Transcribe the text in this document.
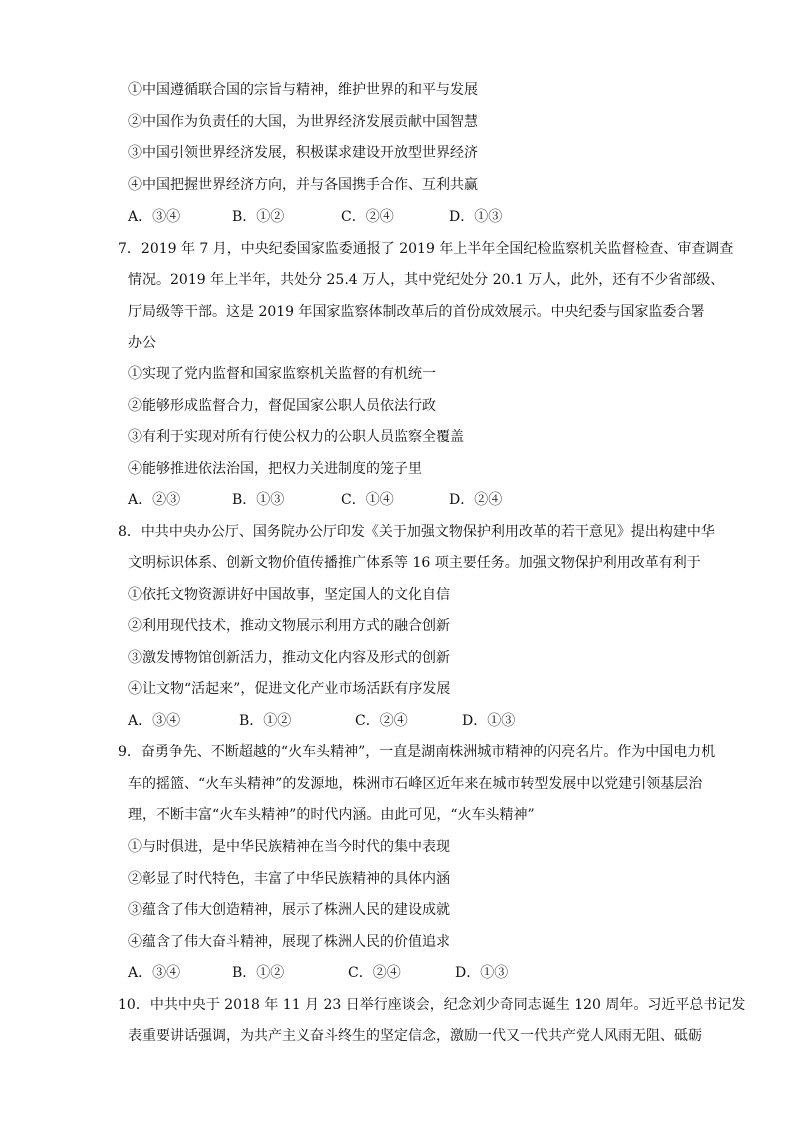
①中国遵循联合国的宗旨与精神，维护世界的和平与发展
②中国作为负责任的大国，为世界经济发展贡献中国智慧
③中国引领世界经济发展，积极谋求建设开放型世界经济
④中国把握世界经济方向，并与各国携手合作、互利共赢
A．③④	B．①②	C．②④	D．①③
7．2019 年 7 月，中央纪委国家监委通报了 2019 年上半年全国纪检监察机关监督检查、审查调查
情况。2019 年上半年，共处分 25.4 万人，其中党纪处分 20.1 万人，此外，还有不少省部级、
厅局级等干部。这是 2019 年国家监察体制改革后的首份成效展示。中央纪委与国家监委合署
办公
①实现了党内监督和国家监察机关监督的有机统一
②能够形成监督合力，督促国家公职人员依法行政
③有利于实现对所有行使公权力的公职人员监察全覆盖
④能够推进依法治国，把权力关进制度的笼子里
A．②③	B．①③	C．①④	D．②④
8．中共中央办公厅、国务院办公厅印发《关于加强文物保护利用改革的若干意见》提出构建中华
文明标识体系、创新文物价值传播推广体系等 16 项主要任务。加强文物保护利用改革有利于
①依托文物资源讲好中国故事，坚定国人的文化自信
②利用现代技术，推动文物展示利用方式的融合创新
③激发博物馆创新活力，推动文化内容及形式的创新
④让文物“活起来”，促进文化产业市场活跃有序发展
A．③④	B．①②	C．②④	D．①③
9．奋勇争先、不断超越的“火车头精神”，一直是湖南株洲城市精神的闪亮名片。作为中国电力机
车的摇篮、“火车头精神”的发源地，株洲市石峰区近年来在城市转型发展中以党建引领基层治
理，不断丰富“火车头精神”的时代内涵。由此可见，“火车头精神”
①与时俱进，是中华民族精神在当今时代的集中表现
②彰显了时代特色，丰富了中华民族精神的具体内涵
③蕴含了伟大创造精神，展示了株洲人民的建设成就
④蕴含了伟大奋斗精神，展现了株洲人民的价值追求
A．③④	B．①②	C．②④	D．①③
10．中共中央于 2018 年 11 月 23 日举行座谈会，纪念刘少奇同志诞生 120 周年。习近平总书记发
表重要讲话强调，为共产主义奋斗终生的坚定信念，激励一代又一代共产党人风雨无阻、砥砺
